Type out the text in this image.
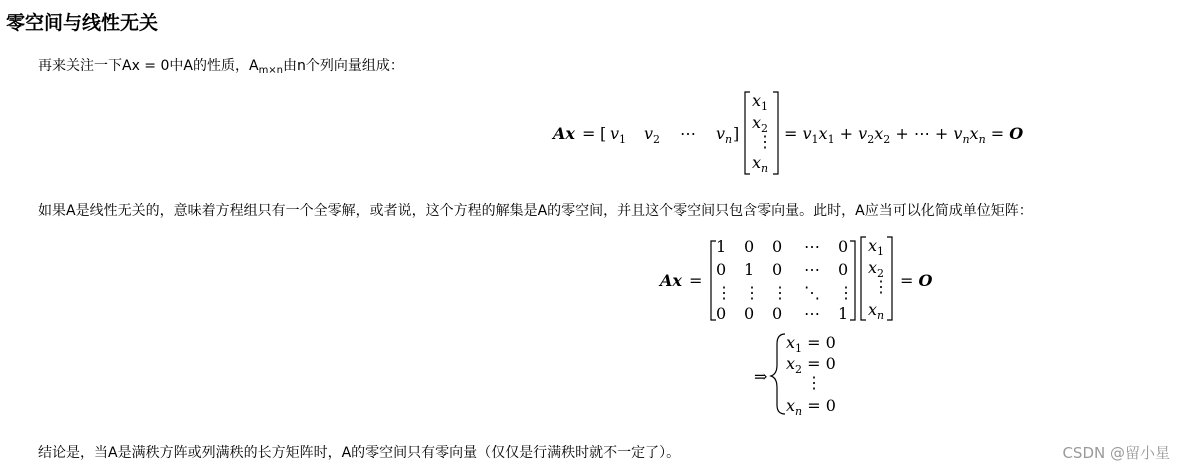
零空间与线性无关
再来关注一下Ax = 0中A的性质，$A_{m\times n}$由n个列向量组成：
Ax = [ $v_1$ $v_2$ ⋯ $v_n$ ]
$x_1$
$x_2$
⋮
$x_n$
= $v_1x_1 + v_2x_2$ + ⋯ + $v_nx_n = O$
Ax =
1 0 0 ⋯ 0
0 1 0 ⋯ 0
⋮ ⋮ ⋮ ⋱ ⋮
0 0 0 ⋯ 1
$x_1$
$x_2$
⋮
$x_n$
= O
⇒
$x_1 = 0$
$x_2 = 0$
⋮
$x_n = 0$
如果A是线性无关的，意味着方程组只有一个全零解，或者说，这个方程的解集是A的零空间，并且这个零空间只包含零向量。此时，A应当可以化简成单位矩阵：
结论是，当A是满秩方阵或列满秩的长方矩阵时，A的零空间只有零向量（仅仅是行满秩时就不一定了）。	CSDN @留小星
